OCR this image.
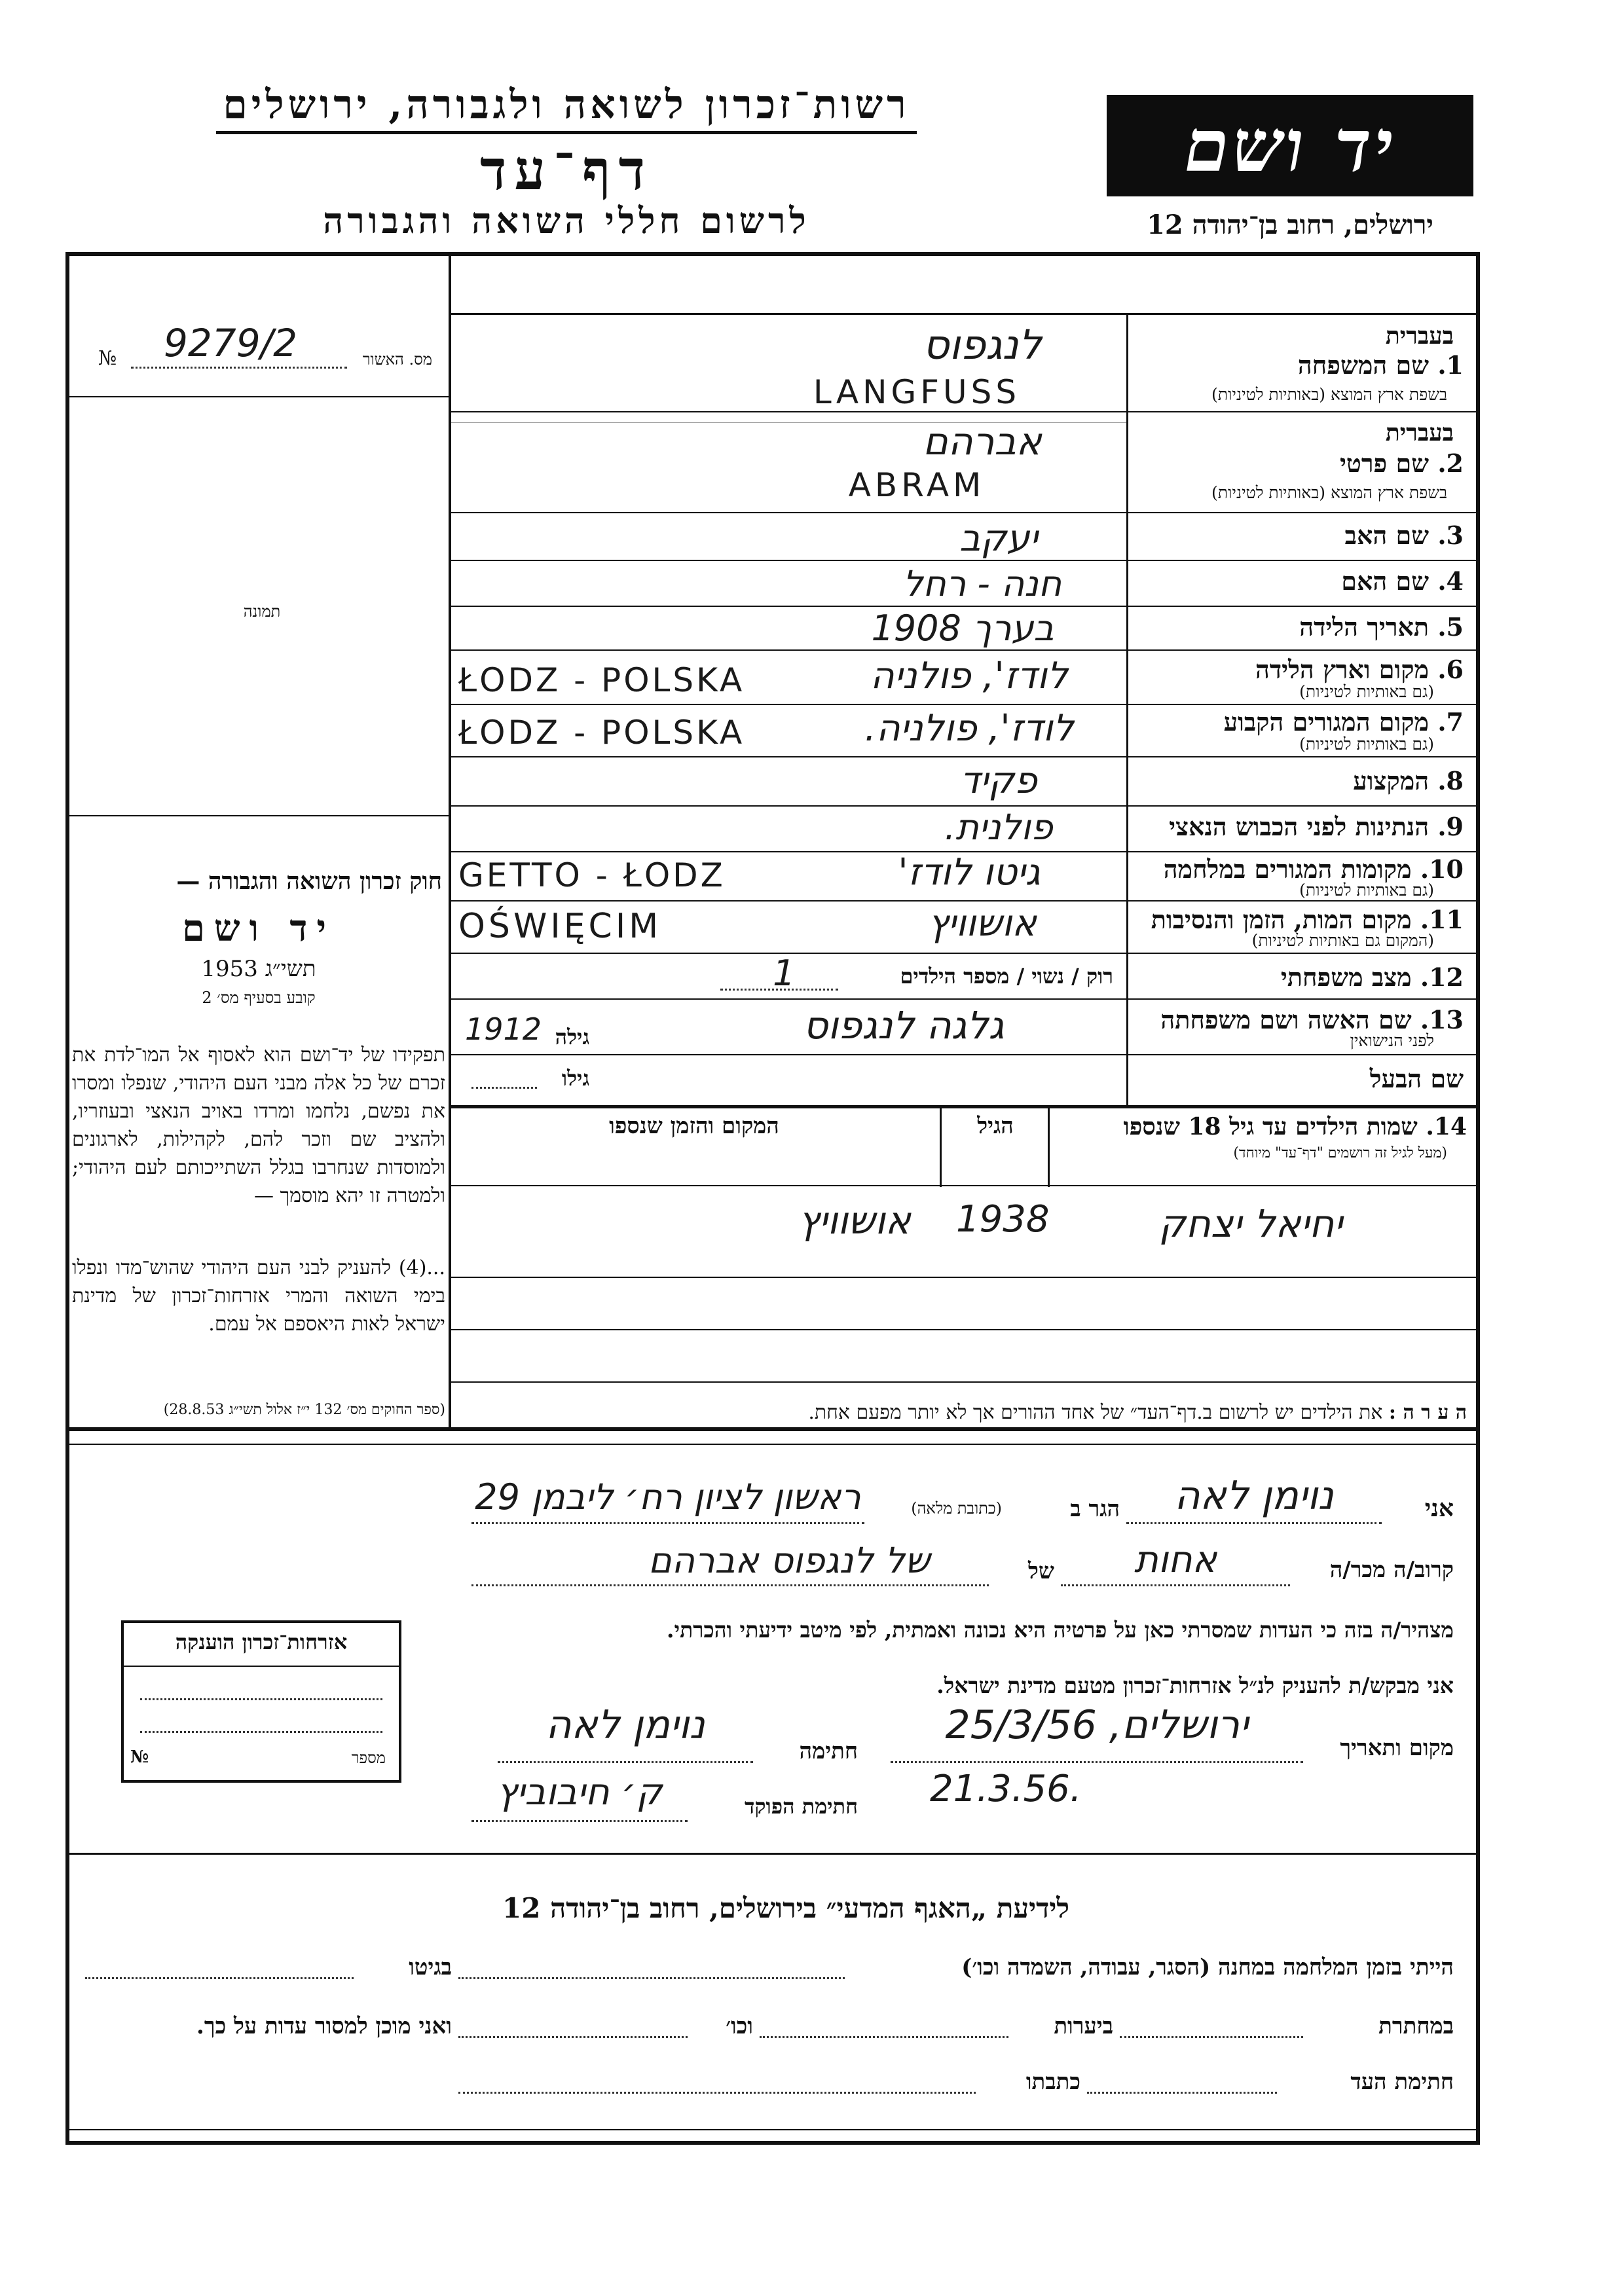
רשות־זכרון לשואה ולגבורה, ירושלים
דף־עד
לרשום חללי השואה והגבורה
יד ושם
ירושלים, רחוב בן־יהודה 12
מס. האשור
№ 9279/2
תמונה
בעברית
1. שם המשפחה
בשפת ארץ המוצא (באותיות לטיניות)
לנגפוס
LANGFUSS
בעברית
2. שם פרטי
בשפת ארץ המוצא (באותיות לטיניות)
אברהם
ABRAM
3. שם האב
יעקב
4. שם האם
חנה - רחל
5. תאריך הלידה
בערך 1908
6. מקום וארץ הלידה
(גם באותיות לטיניות)
לודז', פולניה
ŁODZ - POLSKA
7. מקום המגורים הקבוע
(גם באותיות לטיניות)
לודז', פולניה.
ŁODZ - POLSKA
8. המקצוע
פקיד
9. הנתינות לפני הכבוש הנאצי
פולנית.
10. מקומות המגורים במלחמה
(גם באותיות לטיניות)
גיטו לודז'
GETTO - ŁODZ
11. מקום המות, הזמן והנסיבות
(המקום גם באותיות לטיניות)
אושוויץ
OŚWIĘCIM
12. מצב משפחתי
רוק / נשוי / מספר הילדים
1
13. שם האשה ושם משפחתה
לפני הנישואין
גלגה לנגפוס
גילה
1912
שם הבעל
גילו
חוק זכרון השואה והגבורה —
יד ושם
תשי״ג 1953
קובע בסעיף מס׳ 2
תפקידו של יד־ושם הוא לאסוף אל המו־לדת את זכרם של כל אלה מבני העם היהודי, שנפלו ומסרו את נפשם, נלחמו ומרדו באויב הנאצי ובעוזריו, ולהציב שם וזכר להם, לקהילות, לארגונים ולמוסדות שנחרבו בגלל השתייכותם לעם היהודי; ולמטרה זו יהא מוסמך —
...(4) להעניק לבני העם היהודי שהוש־מדו ונפלו בימי השואה והמרי אזרחות־זכרון של מדינת ישראל לאות היאספם אל עמם.
(ספר החוקים מס׳ 132 י״ז אלול תשי״ג 28.8.53)
14. שמות הילדים עד גיל 18 שנספו
(מעל לגיל זה רושמים "דף־עד" מיוחד)
הגיל
המקום והזמן שנספו
יחיאל יצחק
1938
אושוויץ
ה ע ר ה : את הילדים יש לרשום ב.דף־העד״ של אחד ההורים אך לא יותר מפעם אחת.
אני
נוימן לאה
הגר ב
(כתובת מלאה)
ראשון לציון רח׳ ליבמן 29
קרוב/ה מכר/ה
אחות
של
של לנגפוס אברהם
מצהיר/ה בזה כי העדות שמסרתי כאן על פרטיה היא נכונה ואמתית, לפי מיטב ידיעתי והכרתי.
אני מבקש/ת להעניק לנ״ל אזרחות־זכרון מטעם מדינת ישראל.
מקום ותאריך
ירושלים, 25/3/56
21.3.56.
חתימה
נוימן לאה
חתימת הפוקד
ק׳ חיבוביץ
אזרחות־זכרון הוענקה
№	מספר
לידיעת „האגף המדעי״ בירושלים, רחוב בן־יהודה 12
הייתי בזמן המלחמה במחנה (הסגר, עבודה, השמדה וכו׳)
בגיטו
במחתרת
ביערות
וכו׳
ואני מוכן למסור עדות על כך.
חתימת העד
כתבתו
